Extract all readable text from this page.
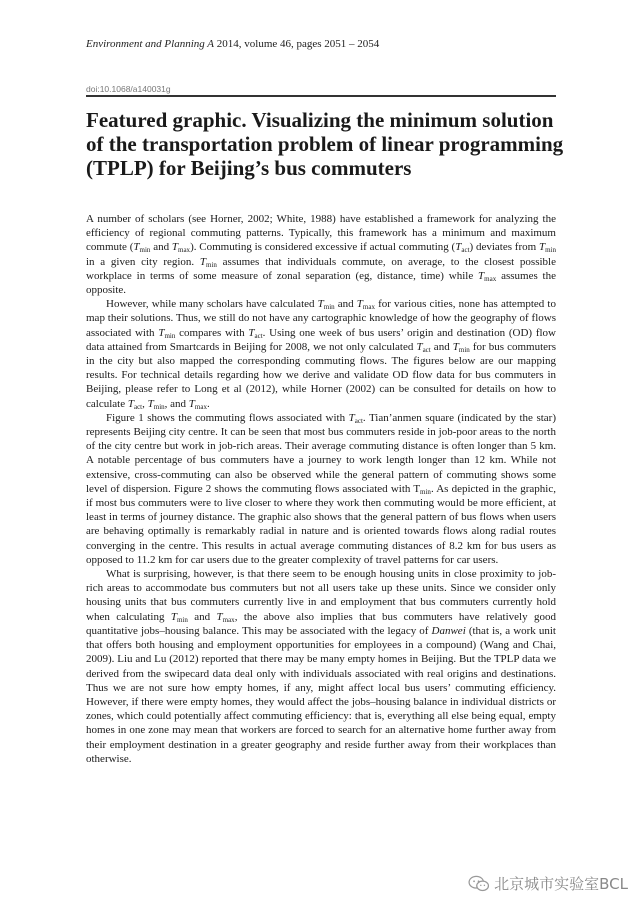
Environment and Planning A 2014, volume 46, pages 2051 – 2054
doi:10.1068/a140031g
Featured graphic. Visualizing the minimum solution of the transportation problem of linear programming (TPLP) for Beijing’s bus commuters

A number of scholars (see Horner, 2002; White, 1988) have established a framework for analyzing the efficiency of regional commuting patterns. Typically, this framework has a minimum and maximum commute ($T_{min}$ and $T_{max}$). Commuting is considered excessive if actual commuting $(T_{act})$ deviates from $T_{min}$ in a given city region. $T_{min}$ assumes that individuals commute, on average, to the closest possible workplace in terms of some measure of zonal separation (eg, distance, time) while $T_{max}$ assumes the opposite.

However, while many scholars have calculated $T_{min}$ and $T_{max}$ for various cities, none has attempted to map their solutions. Thus, we still do not have any cartographic knowledge of how the geography of flows associated with $T_{min}$ compares with $T_{act}$. Using one week of bus users’ origin and destination (OD) flow data attained from Smartcards in Beijing for 2008, we not only calculated $T_{act}$ and $T_{min}$ for bus commuters in the city but also mapped the corresponding commuting flows. The figures below are our mapping results. For technical details regarding how we derive and validate OD flow data for bus commuters in Beijing, please refer to Long et al (2012), while Horner (2002) can be consulted for details on how to calculate $T_{act}$, $T_{min}$, and $T_{max}$.

Figure 1 shows the commuting flows associated with $T_{act}$. Tian’anmen square (indicated by the star) represents Beijing city centre. It can be seen that most bus commuters reside in job-poor areas to the north of the city centre but work in job-rich areas. Their average commuting distance is often longer than 5 km. A notable percentage of bus commuters have a journey to work length longer than 12 km. While not extensive, cross-commuting can also be observed while the general pattern of commuting shows some level of dispersion. Figure 2 shows the commuting flows associated with $T_{min}$. As depicted in the graphic, if most bus commuters were to live closer to where they work then commuting would be more efficient, at least in terms of journey distance. The graphic also shows that the general pattern of bus flows when users are behaving optimally is remarkably radial in nature and is oriented towards flows along radial routes converging in the centre. This results in actual average commuting distances of 8.2 km for bus users as opposed to 11.2 km for car users due to the greater complexity of travel patterns for car users.

What is surprising, however, is that there seem to be enough housing units in close proximity to job-rich areas to accommodate bus commuters but not all users take up these units. Since we consider only housing units that bus commuters currently live in and employment that bus commuters currently hold when calculating $T_{min}$ and $T_{max}$, the above also implies that bus commuters have relatively good quantitative jobs–housing balance. This may be associated with the legacy of Danwei (that is, a work unit that offers both housing and employment opportunities for employees in a compound) (Wang and Chai, 2009). Liu and Lu (2012) reported that there may be many empty homes in Beijing. But the TPLP data we derived from the swipecard data deal only with individuals associated with real origins and destinations. Thus we are not sure how empty homes, if any, might affect local bus users’ commuting efficiency. However, if there were empty homes, they would affect the jobs–housing balance in individual districts or zones, which could potentially affect commuting efficiency: that is, everything all else being equal, empty homes in one zone may mean that workers are forced to search for an alternative home further away from their employment destination in a greater geography and reside further away from their workplaces than otherwise.

北京城市实验室BCL
